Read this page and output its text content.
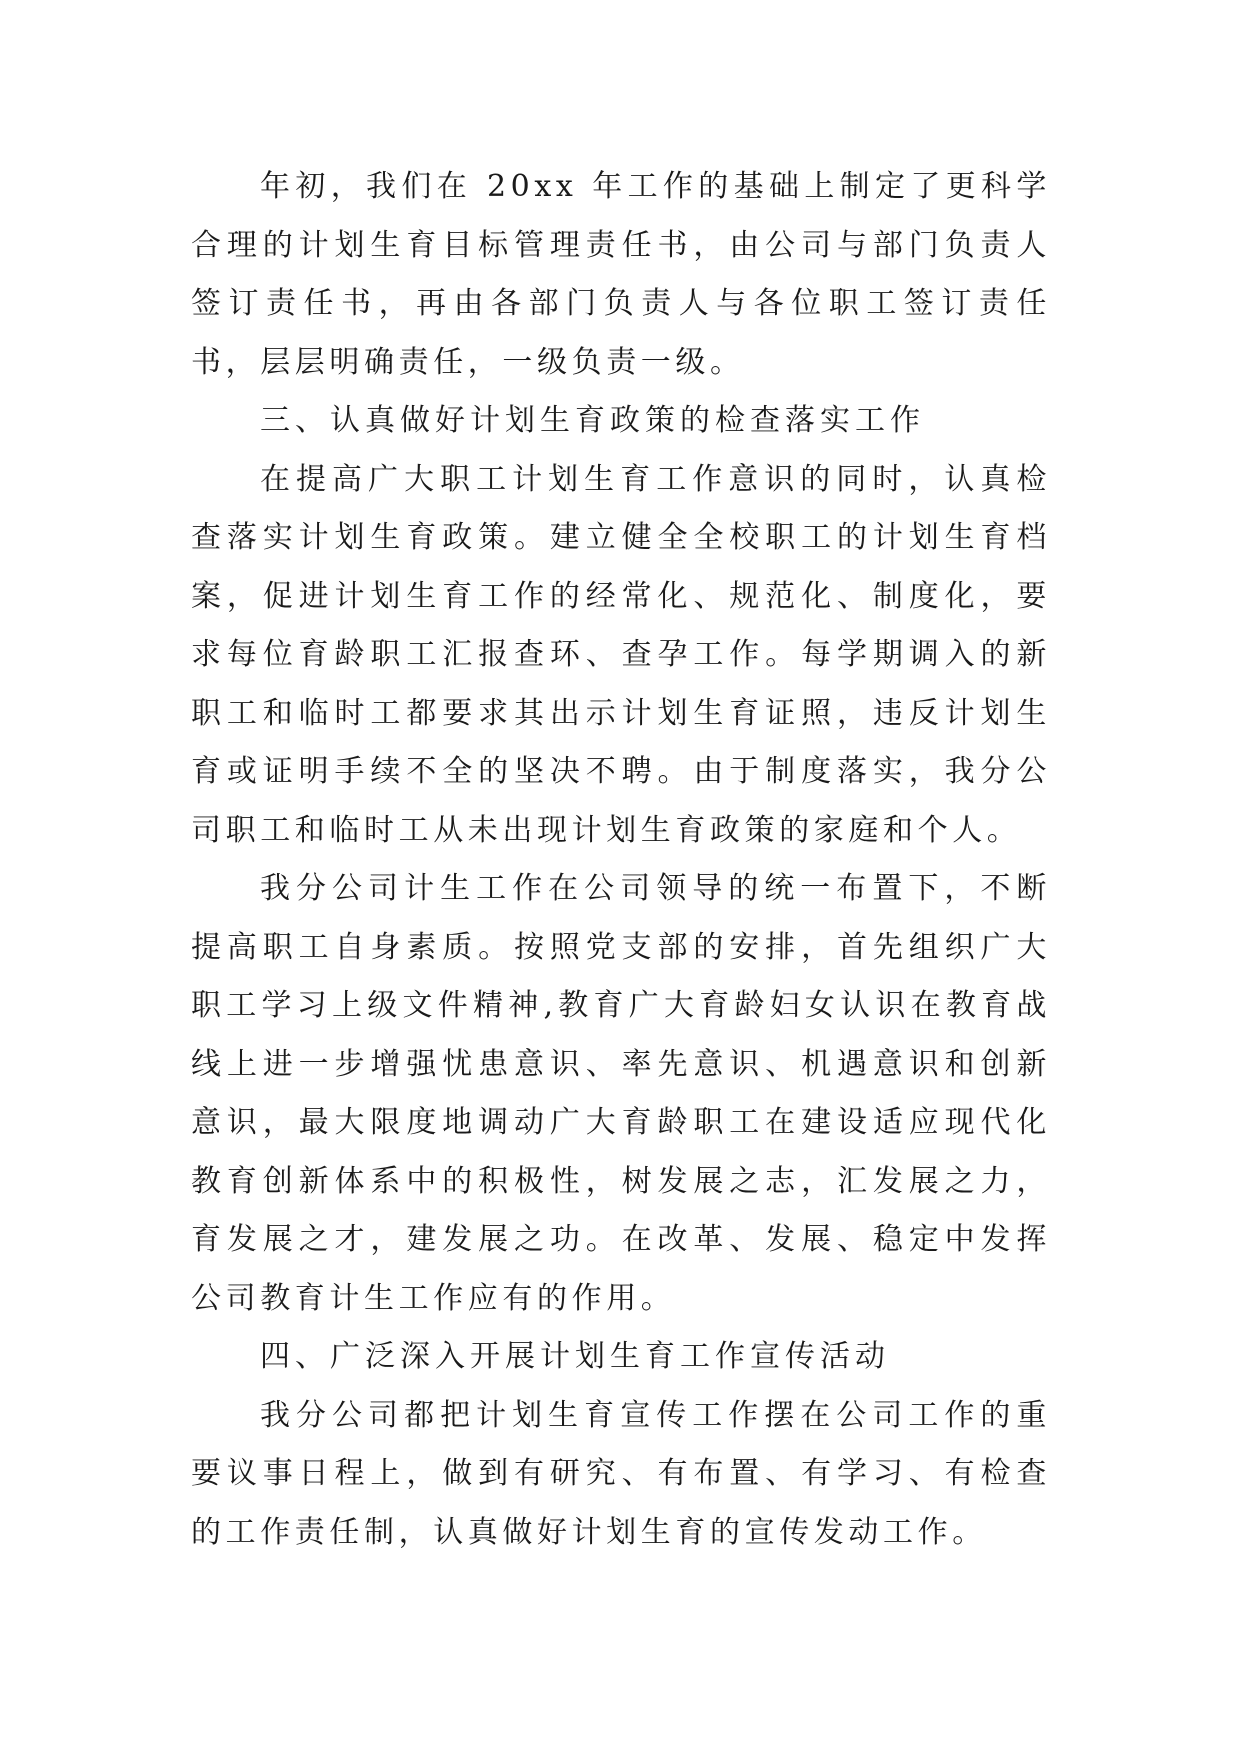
年初，我们在 20xx 年工作的基础上制定了更科学合理的计划生育目标管理责任书，由公司与部门负责人签订责任书，再由各部门负责人与各位职工签订责任书，层层明确责任，一级负责一级。

三、认真做好计划生育政策的检查落实工作

在提高广大职工计划生育工作意识的同时，认真检查落实计划生育政策。建立健全全校职工的计划生育档案，促进计划生育工作的经常化、规范化、制度化，要求每位育龄职工汇报查环、查孕工作。每学期调入的新职工和临时工都要求其出示计划生育证照，违反计划生育或证明手续不全的坚决不聘。由于制度落实，我分公司职工和临时工从未出现计划生育政策的家庭和个人。

我分公司计生工作在公司领导的统一布置下，不断提高职工自身素质。按照党支部的安排，首先组织广大职工学习上级文件精神,教育广大育龄妇女认识在教育战线上进一步增强忧患意识、率先意识、机遇意识和创新意识，最大限度地调动广大育龄职工在建设适应现代化教育创新体系中的积极性，树发展之志，汇发展之力，育发展之才，建发展之功。在改革、发展、稳定中发挥公司教育计生工作应有的作用。

四、广泛深入开展计划生育工作宣传活动

我分公司都把计划生育宣传工作摆在公司工作的重要议事日程上，做到有研究、有布置、有学习、有检查的工作责任制，认真做好计划生育的宣传发动工作。
